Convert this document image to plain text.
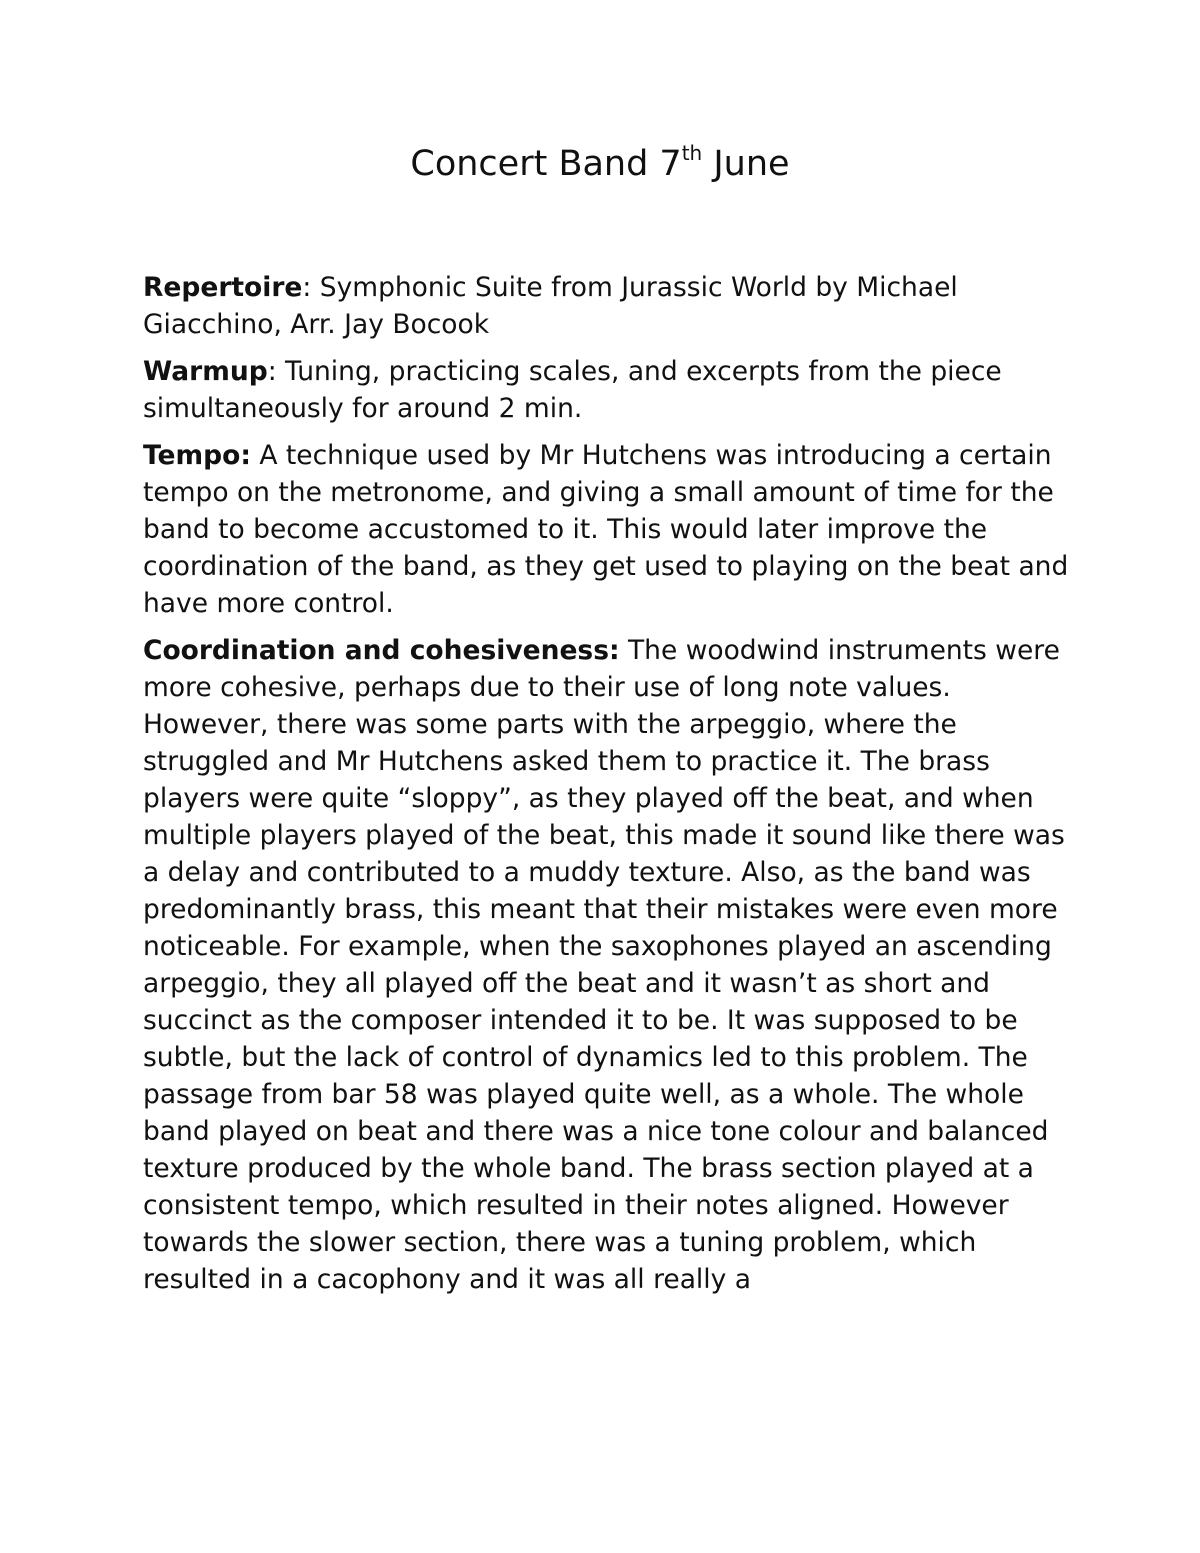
Concert Band 7th June

Repertoire: Symphonic Suite from Jurassic World by Michael Giacchino, Arr. Jay Bocook

Warmup: Tuning, practicing scales, and excerpts from the piece simultaneously for around 2 min.

Tempo: A technique used by Mr Hutchens was introducing a certain tempo on the metronome, and giving a small amount of time for the band to become accustomed to it. This would later improve the coordination of the band, as they get used to playing on the beat and have more control.

Coordination and cohesiveness: The woodwind instruments were more cohesive, perhaps due to their use of long note values. However, there was some parts with the arpeggio, where the struggled and Mr Hutchens asked them to practice it. The brass players were quite “sloppy”, as they played off the beat, and when multiple players played of the beat, this made it sound like there was a delay and contributed to a muddy texture. Also, as the band was predominantly brass, this meant that their mistakes were even more noticeable. For example, when the saxophones played an ascending arpeggio, they all played off the beat and it wasn’t as short and succinct as the composer intended it to be. It was supposed to be subtle, but the lack of control of dynamics led to this problem. The passage from bar 58 was played quite well, as a whole. The whole band played on beat and there was a nice tone colour and balanced texture produced by the whole band. The brass section played at a consistent tempo, which resulted in their notes aligned. However towards the slower section, there was a tuning problem, which resulted in a cacophony and it was all really a
